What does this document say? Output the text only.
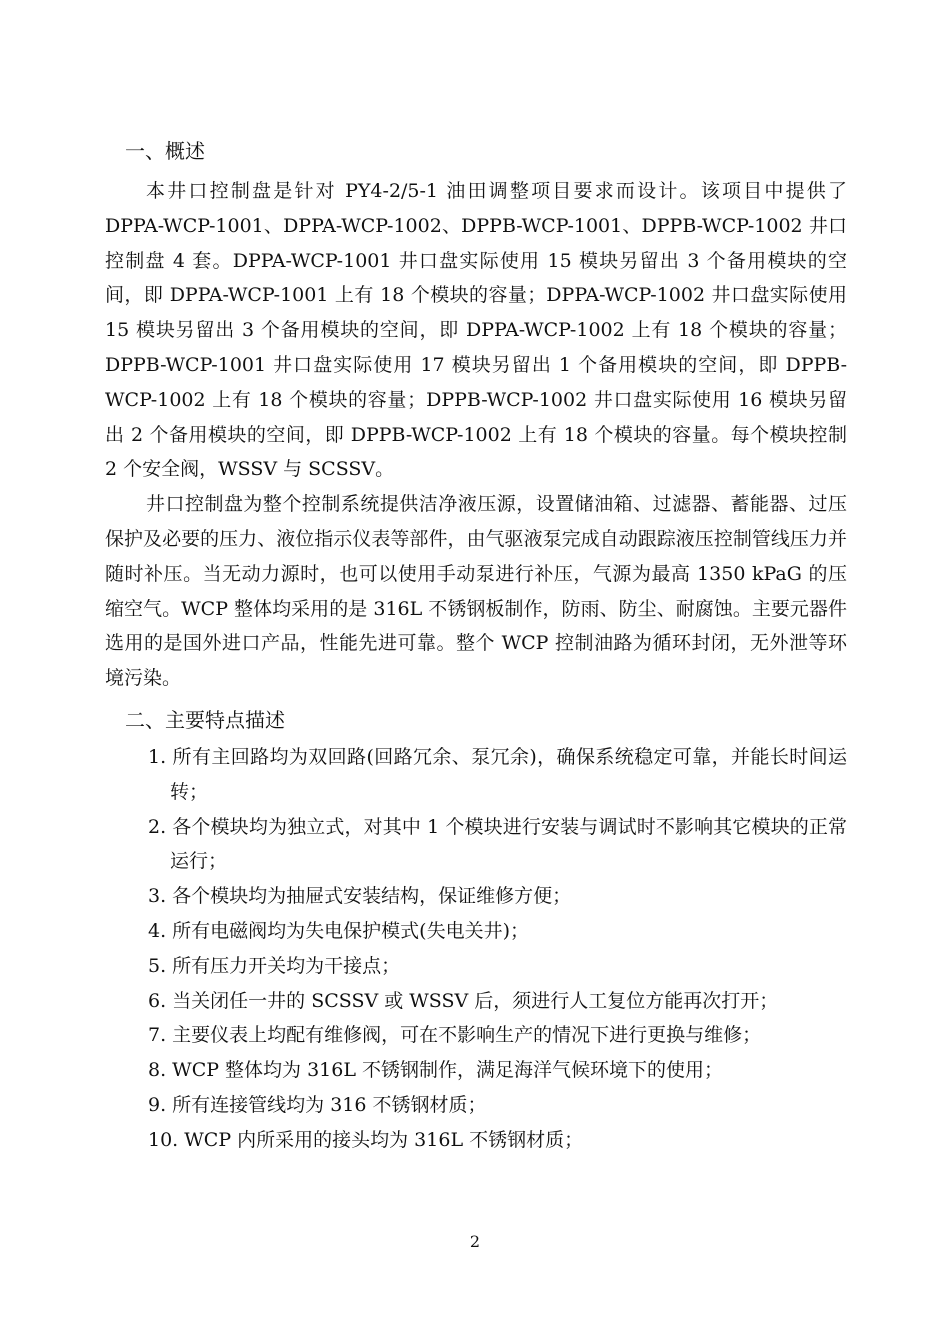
一、概述

本井口控制盘是针对 PY4-2/5-1 油田调整项目要求而设计。该项目中提供了 DPPA-WCP-1001、DPPA-WCP-1002、DPPB-WCP-1001、DPPB-WCP-1002 井口控制盘 4 套。DPPA-WCP-1001 井口盘实际使用 15 模块另留出 3 个备用模块的空间，即 DPPA-WCP-1001 上有 18 个模块的容量；DPPA-WCP-1002 井口盘实际使用 15 模块另留出 3 个备用模块的空间，即 DPPA-WCP-1002 上有 18 个模块的容量；DPPB-WCP-1001 井口盘实际使用 17 模块另留出 1 个备用模块的空间，即 DPPB-WCP-1002 上有 18 个模块的容量；DPPB-WCP-1002 井口盘实际使用 16 模块另留出 2 个备用模块的空间，即 DPPB-WCP-1002 上有 18 个模块的容量。每个模块控制 2 个安全阀，WSSV 与 SCSSV。

井口控制盘为整个控制系统提供洁净液压源，设置储油箱、过滤器、蓄能器、过压保护及必要的压力、液位指示仪表等部件，由气驱液泵完成自动跟踪液压控制管线压力并随时补压。当无动力源时，也可以使用手动泵进行补压，气源为最高 1350 kPaG 的压缩空气。WCP 整体均采用的是 316L 不锈钢板制作，防雨、防尘、耐腐蚀。主要元器件选用的是国外进口产品，性能先进可靠。整个 WCP 控制油路为循环封闭，无外泄等环境污染。

二、主要特点描述
1. 所有主回路均为双回路(回路冗余、泵冗余)，确保系统稳定可靠，并能长时间运转；
2. 各个模块均为独立式，对其中 1 个模块进行安装与调试时不影响其它模块的正常运行；
3. 各个模块均为抽屉式安装结构，保证维修方便；
4. 所有电磁阀均为失电保护模式(失电关井)；
5. 所有压力开关均为干接点；
6. 当关闭任一井的 SCSSV 或 WSSV 后，须进行人工复位方能再次打开；
7. 主要仪表上均配有维修阀，可在不影响生产的情况下进行更换与维修；
8. WCP 整体均为 316L 不锈钢制作，满足海洋气候环境下的使用；
9. 所有连接管线均为 316 不锈钢材质；
10. WCP 内所采用的接头均为 316L 不锈钢材质；
2
